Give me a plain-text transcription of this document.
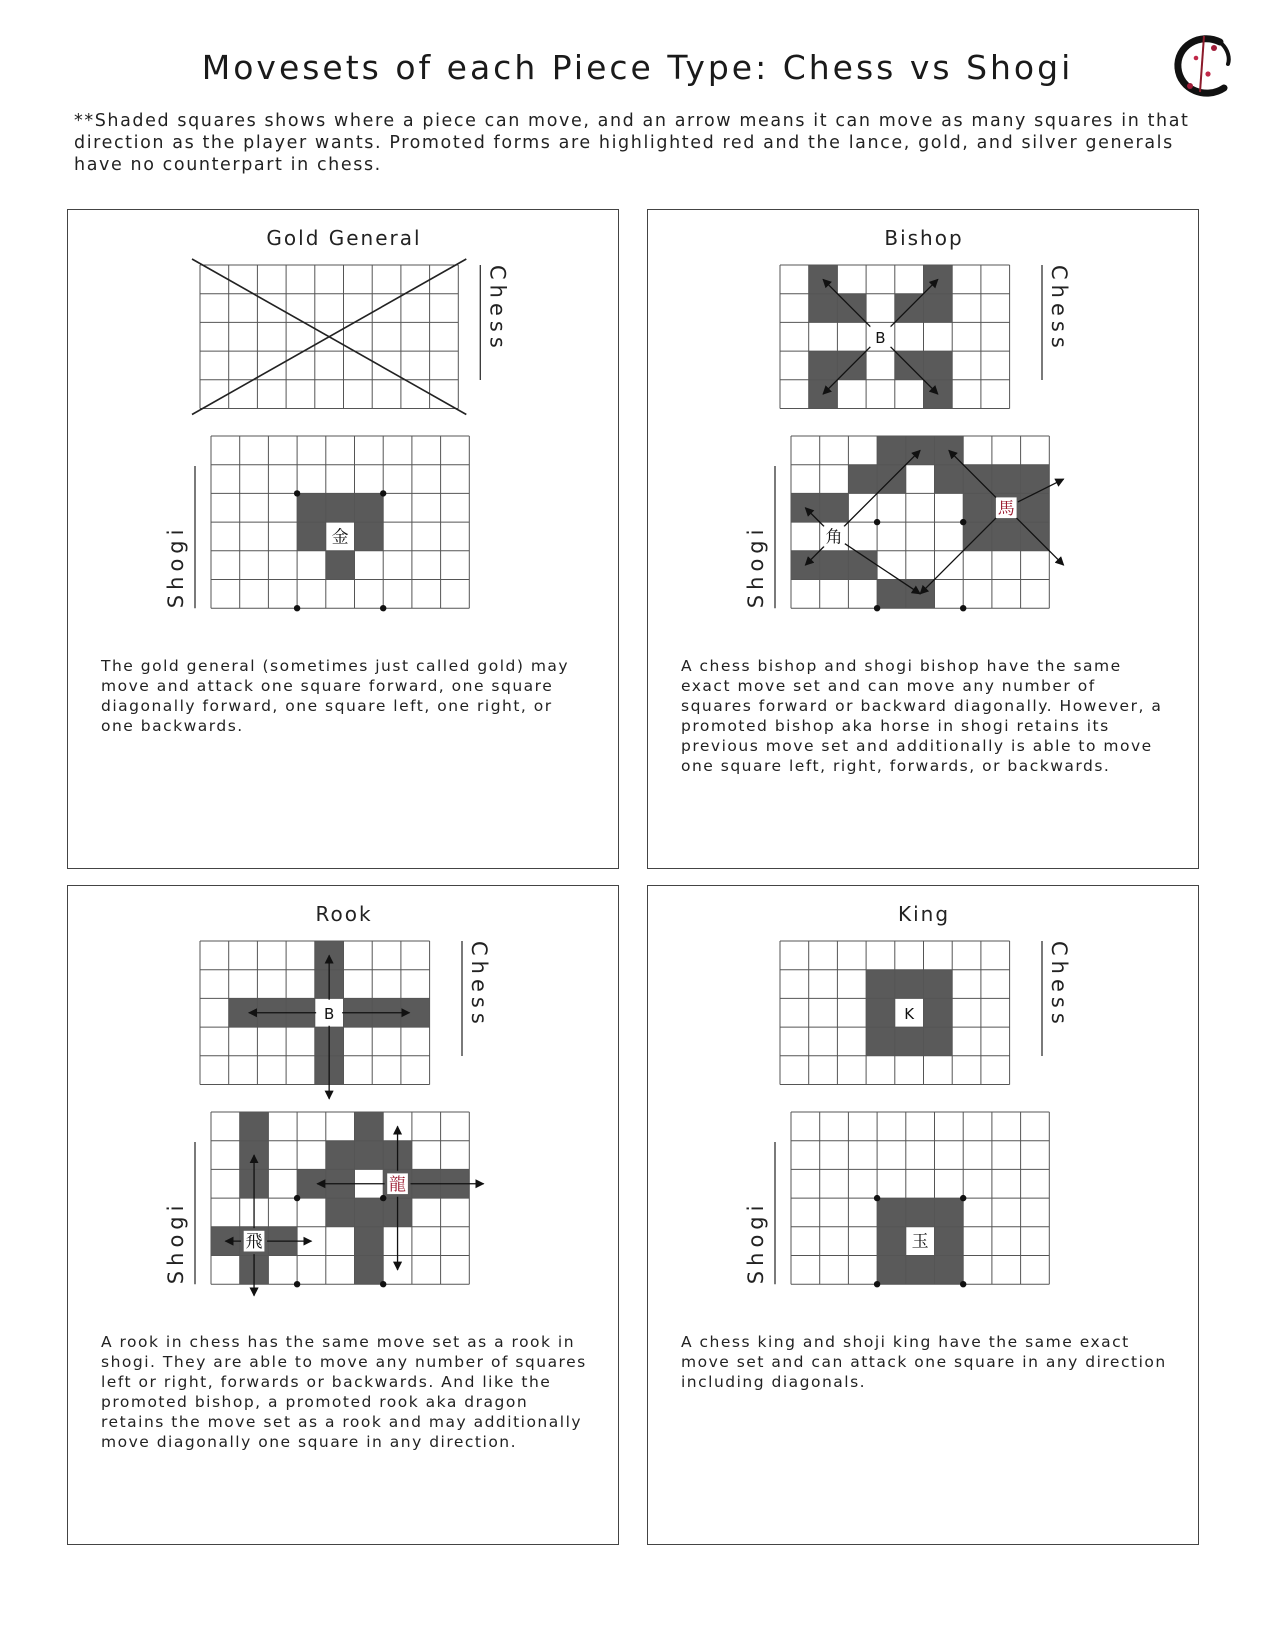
Movesets of each Piece Type: Chess vs Shogi

**Shaded squares shows where a piece can move, and an arrow means it can move as many squares in that direction as the player wants. Promoted forms are highlighted red and the lance, gold, and silver generals have no counterpart in chess.

Gold General
金
Chess
Shogi

The gold general (sometimes just called gold) may move and attack one square forward, one square diagonally forward, one square left, one right, or one backwards.

Bishop
B
角
馬
Chess
Shogi

A chess bishop and shogi bishop have the same exact move set and can move any number of squares forward or backward diagonally. However, a promoted bishop aka horse in shogi retains its previous move set and additionally is able to move one square left, right, forwards, or backwards.

Rook
B
飛
龍
Chess
Shogi

A rook in chess has the same move set as a rook in shogi. They are able to move any number of squares left or right, forwards or backwards. And like the promoted bishop, a promoted rook aka dragon retains the move set as a rook and may additionally move diagonally one square in any direction.

King
K
玉
Chess
Shogi

A chess king and shoji king have the same exact move set and can attack one square in any direction including diagonals.
